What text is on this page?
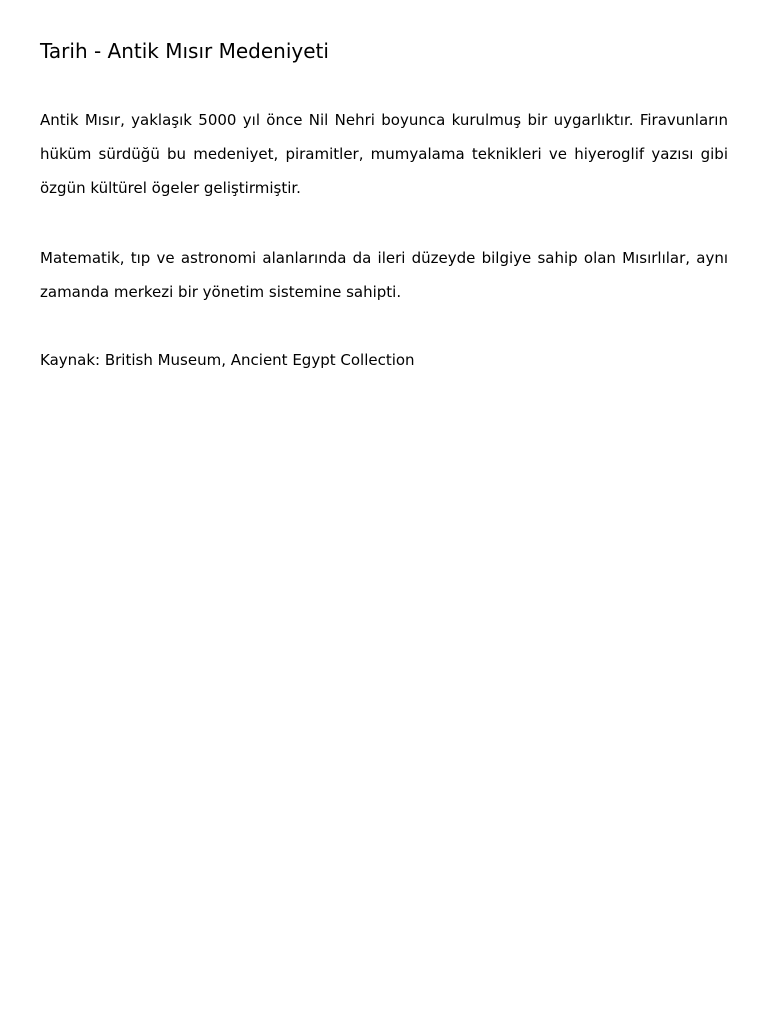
Tarih - Antik Mısır Medeniyeti

Antik Mısır, yaklaşık 5000 yıl önce Nil Nehri boyunca kurulmuş bir uygarlıktır. Firavunların hüküm sürdüğü bu medeniyet, piramitler, mumyalama teknikleri ve hiyeroglif yazısı gibi özgün kültürel ögeler geliştirmiştir.

Matematik, tıp ve astronomi alanlarında da ileri düzeyde bilgiye sahip olan Mısırlılar, aynı zamanda merkezi bir yönetim sistemine sahipti.

Kaynak: British Museum, Ancient Egypt Collection
